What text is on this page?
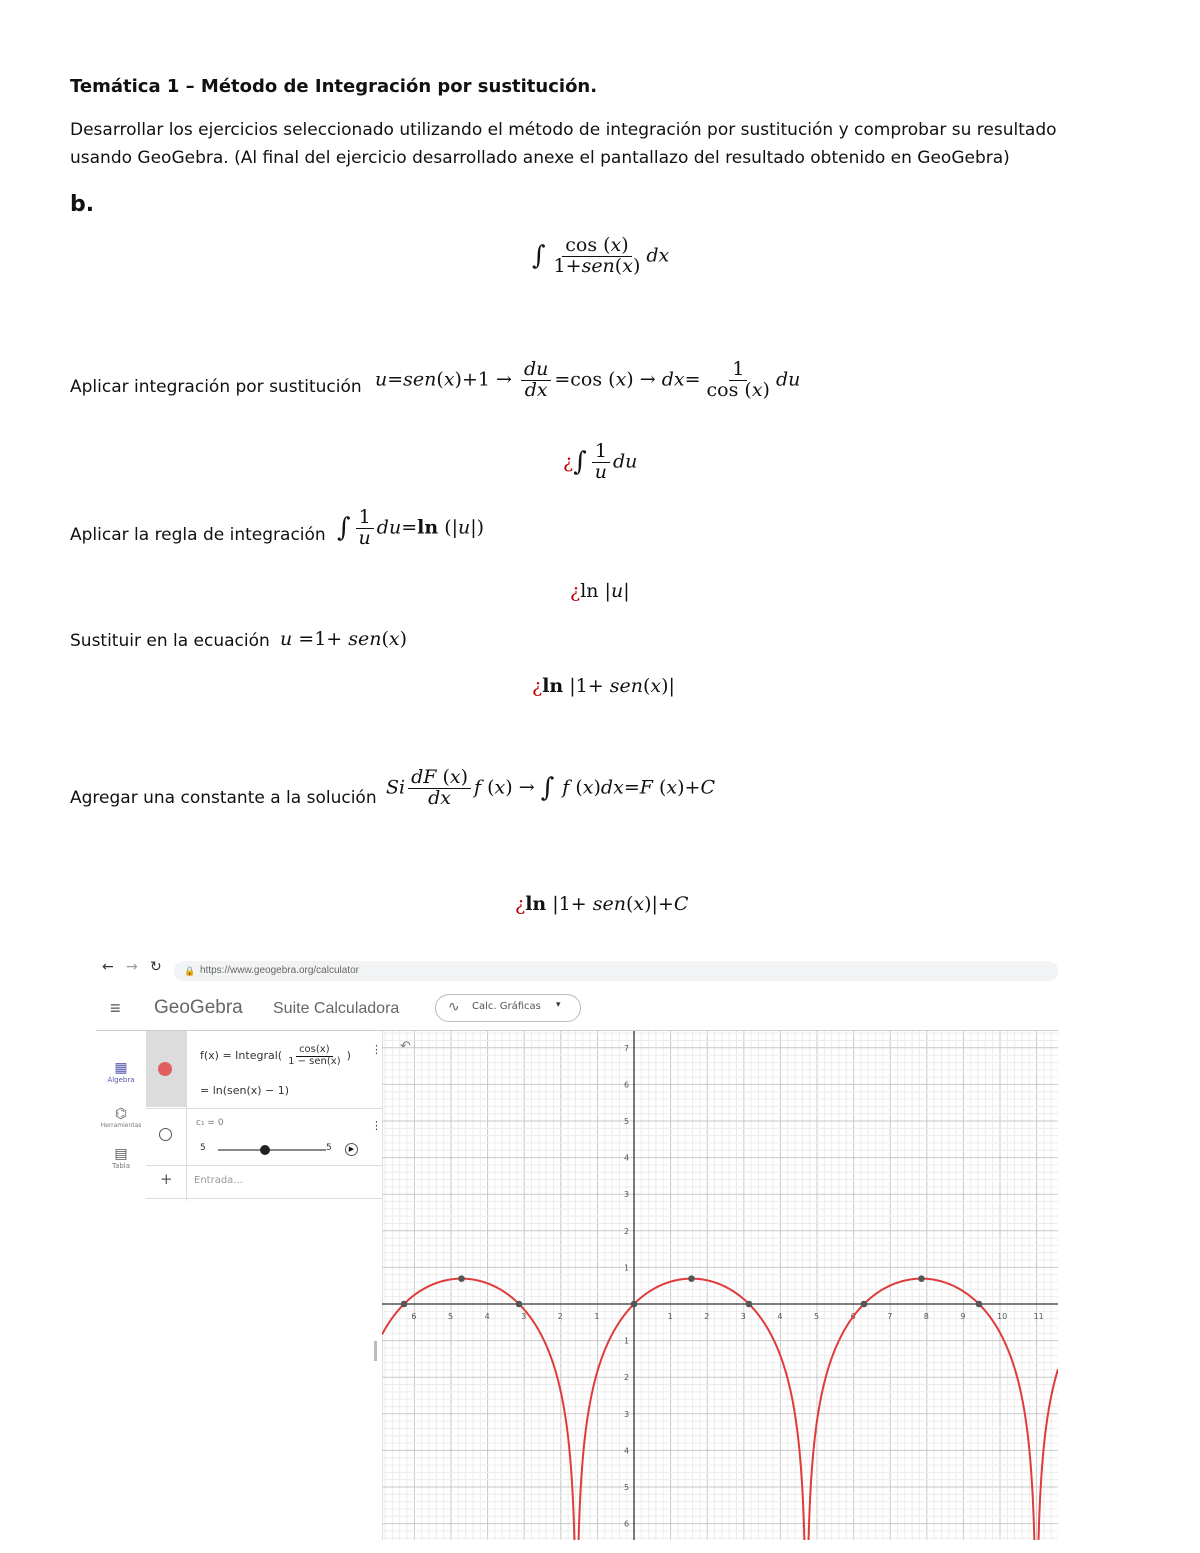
Temática 1 – Método de Integración por sustitución.
Desarrollar los ejercicios seleccionado utilizando el método de integración por sustitución y comprobar su resultado
usando GeoGebra. (Al final del ejercicio desarrollado anexe el pantallazo del resultado obtenido en GeoGebra)
b.
∫ $\frac{\cos (x)}{\text{1+sen(x)}}$ dx
Aplicar integración por sustitución $u=sen(x)+1 \to \frac{du}{dx} =\cos$ $(x) \to dx= \frac{1}{\cos (x)}$ du
¿∫ $\frac{1}{u}$ du
Aplicar la regla de integración ∫ $\frac{1}{u} du=\ln$ (|u|)
¿ln |u|
Sustituir en la ecuación u =1+ sen(x)
¿ln |1+ sen(x)|
Agregar una constante a la solución Si $\frac{dF (x)}{dx}$ f (x) → ∫ f (x)dx=F (x)+C
¿ln |1+ sen(x)|+C
← → ↻ 🔒 https://www.geogebra.org/calculator
≡ GeoGebra Suite Calculadora	∿ Calc. Gráficas ▾
▦
Álgebra
⌬
Herramientas
▤
Tabla
f(x) = Integral( $\frac{\cos(x)}{\text{1 − sen(x)}}$ ) ⋮
= ln(sen(x) − 1)
c₁ = 0	⋮
5	5	▶
+ Entrada...
↶
6	5	4	3	2	1	1	2	3	4	5	6	7	8	9	10	11
7
6
5
4
3
2
1
1
2
3
4
5
6
